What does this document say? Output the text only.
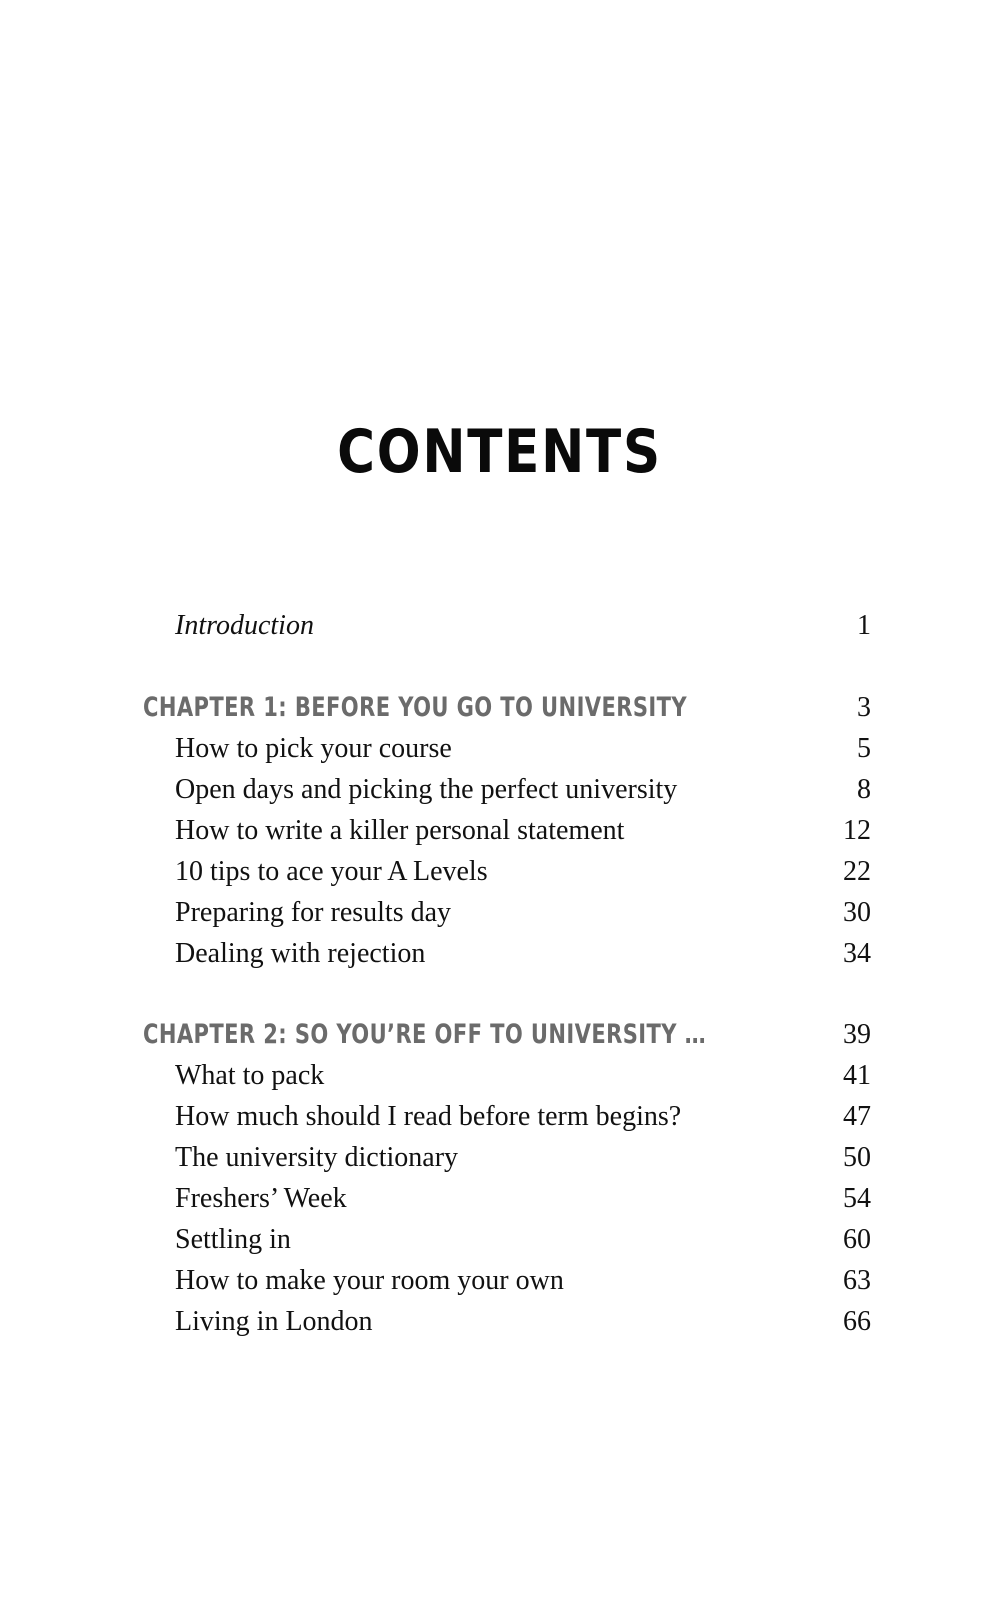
CONTENTS
Introduction	1
CHAPTER 1: BEFORE YOU GO TO UNIVERSITY	3
How to pick your course	5
Open days and picking the perfect university	8
How to write a killer personal statement	12
10 tips to ace your A Levels	22
Preparing for results day	30
Dealing with rejection	34
CHAPTER 2: SO YOU’RE OFF TO UNIVERSITY …	39
What to pack	41
How much should I read before term begins?	47
The university dictionary	50
Freshers’ Week	54
Settling in	60
How to make your room your own	63
Living in London	66
